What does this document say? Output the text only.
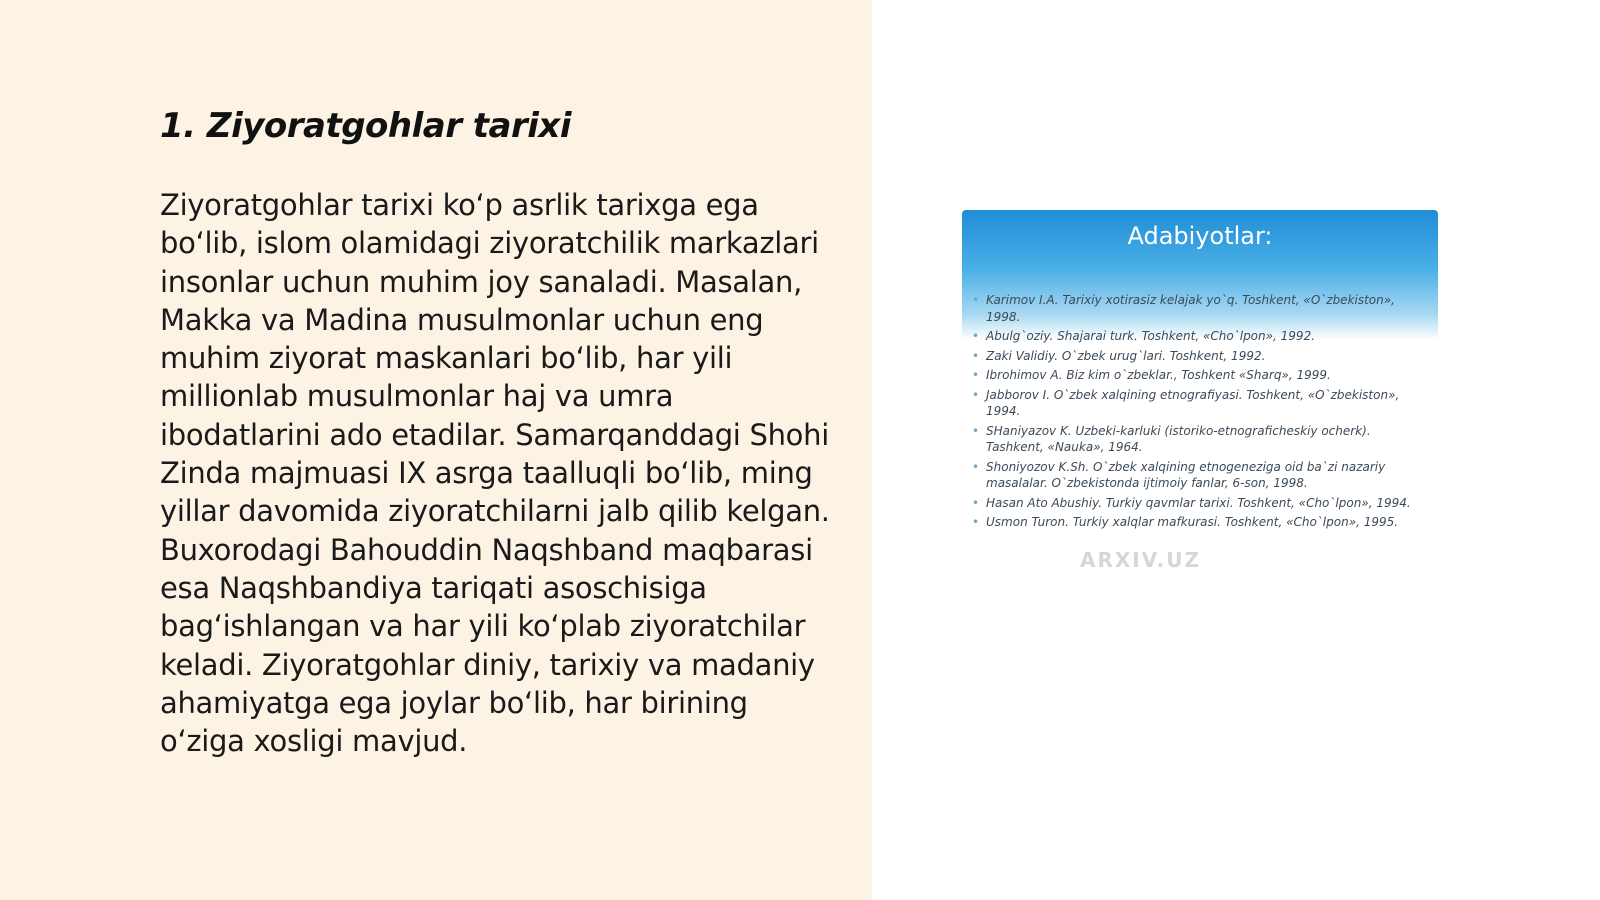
1. Ziyoratgohlar tarixi

Ziyoratgohlar tarixi ko‘p asrlik tarixga ega bo‘lib, islom olamidagi ziyoratchilik markazlari insonlar uchun muhim joy sanaladi. Masalan, Makka va Madina musulmonlar uchun eng muhim ziyorat maskanlari bo‘lib, har yili millionlab musulmonlar haj va umra ibodatlarini ado etadilar. Samarqanddagi Shohi Zinda majmuasi IX asrga taalluqli bo‘lib, ming yillar davomida ziyoratchilarni jalb qilib kelgan. Buxorodagi Bahouddin Naqshband maqbarasi esa Naqshbandiya tariqati asoschisiga bag‘ishlangan va har yili ko‘plab ziyoratchilar keladi. Ziyoratgohlar diniy, tarixiy va madaniy ahamiyatga ega joylar bo‘lib, har birining o‘ziga xosligi mavjud.

Adabiyotlar:
• Karimov I.A. Tarixiy xotirasiz kelajak yo`q. Toshkent, «O`zbekiston», 1998.
• Abulg`oziy. Shajarai turk. Toshkent, «Cho`lpon», 1992.
• Zaki Validiy. O`zbek urug`lari. Toshkent, 1992.
• Ibrohimov A. Biz kim o`zbeklar., Toshkent «Sharq», 1999.
• Jabborov I. O`zbek xalqining etnografiyasi. Toshkent, «O`zbekiston», 1994.
• SHaniyazov K. Uzbeki-karluki (istoriko-etnograficheskiy ocherk). Tashkent, «Nauka», 1964.
• Shoniyozov K.Sh. O`zbek xalqining etnogeneziga oid ba`zi nazariy masalalar. O`zbekistonda ijtimoiy fanlar, 6-son, 1998.
• Hasan Ato Abushiy. Turkiy qavmlar tarixi. Toshkent, «Cho`lpon», 1994.
• Usmon Turon. Turkiy xalqlar mafkurasi. Toshkent, «Cho`lpon», 1995.
ARXIV.UZ
